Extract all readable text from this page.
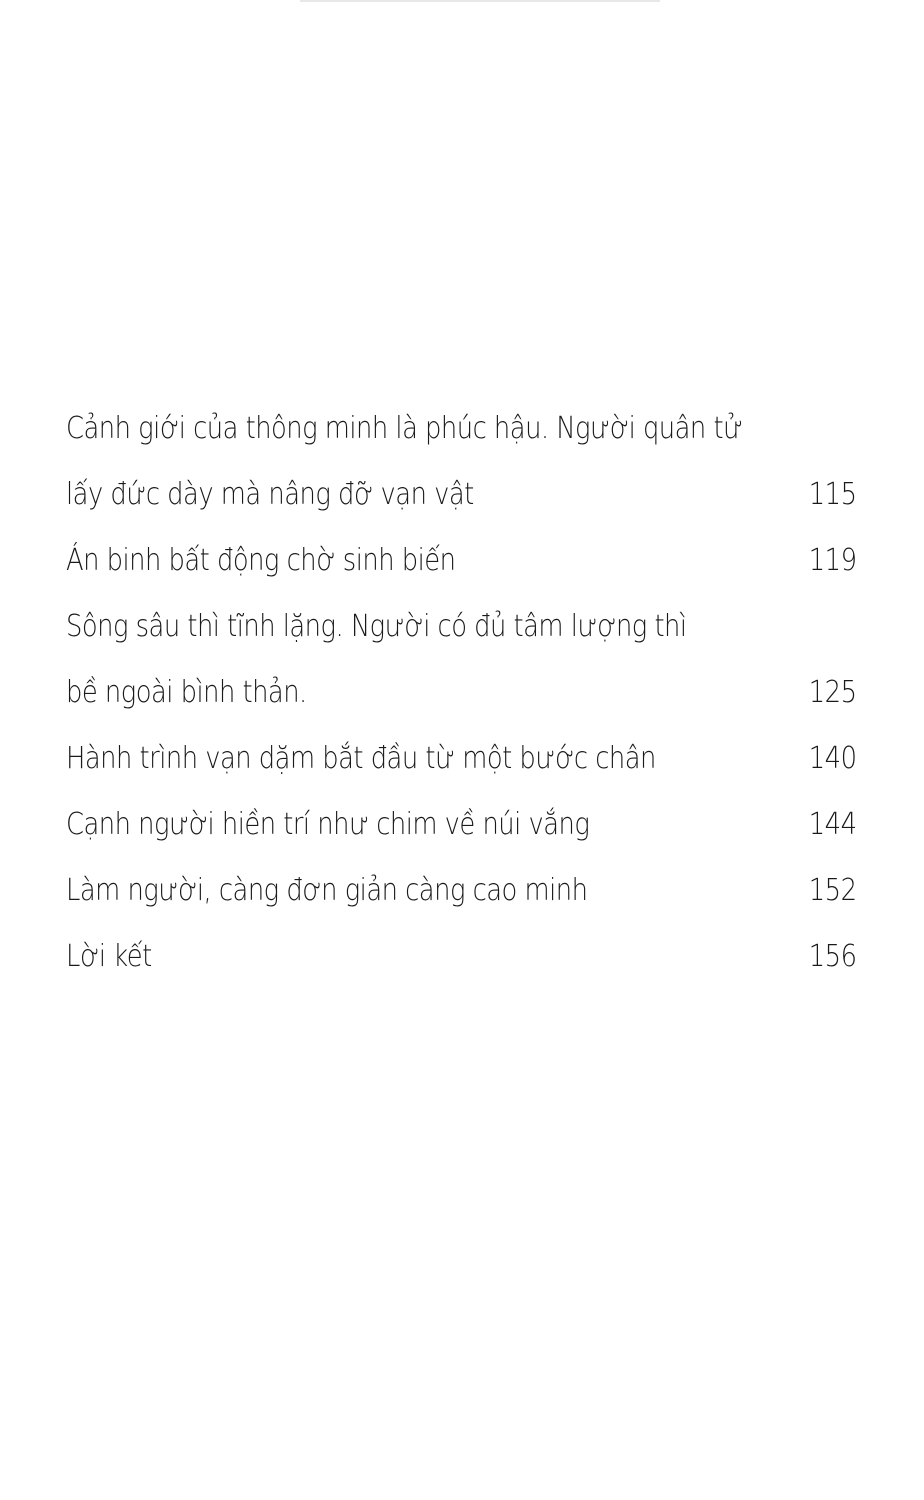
Cảnh giới của thông minh là phúc hậu. Người quân tử
lấy đức dày mà nâng đỡ vạn vật	115
Án binh bất động chờ sinh biến	119
Sông sâu thì tĩnh lặng. Người có đủ tâm lượng thì
bề ngoài bình thản.	125
Hành trình vạn dặm bắt đầu từ một bước chân	140
Cạnh người hiền trí như chim về núi vắng	144
Làm người, càng đơn giản càng cao minh	152
Lời kết	156
